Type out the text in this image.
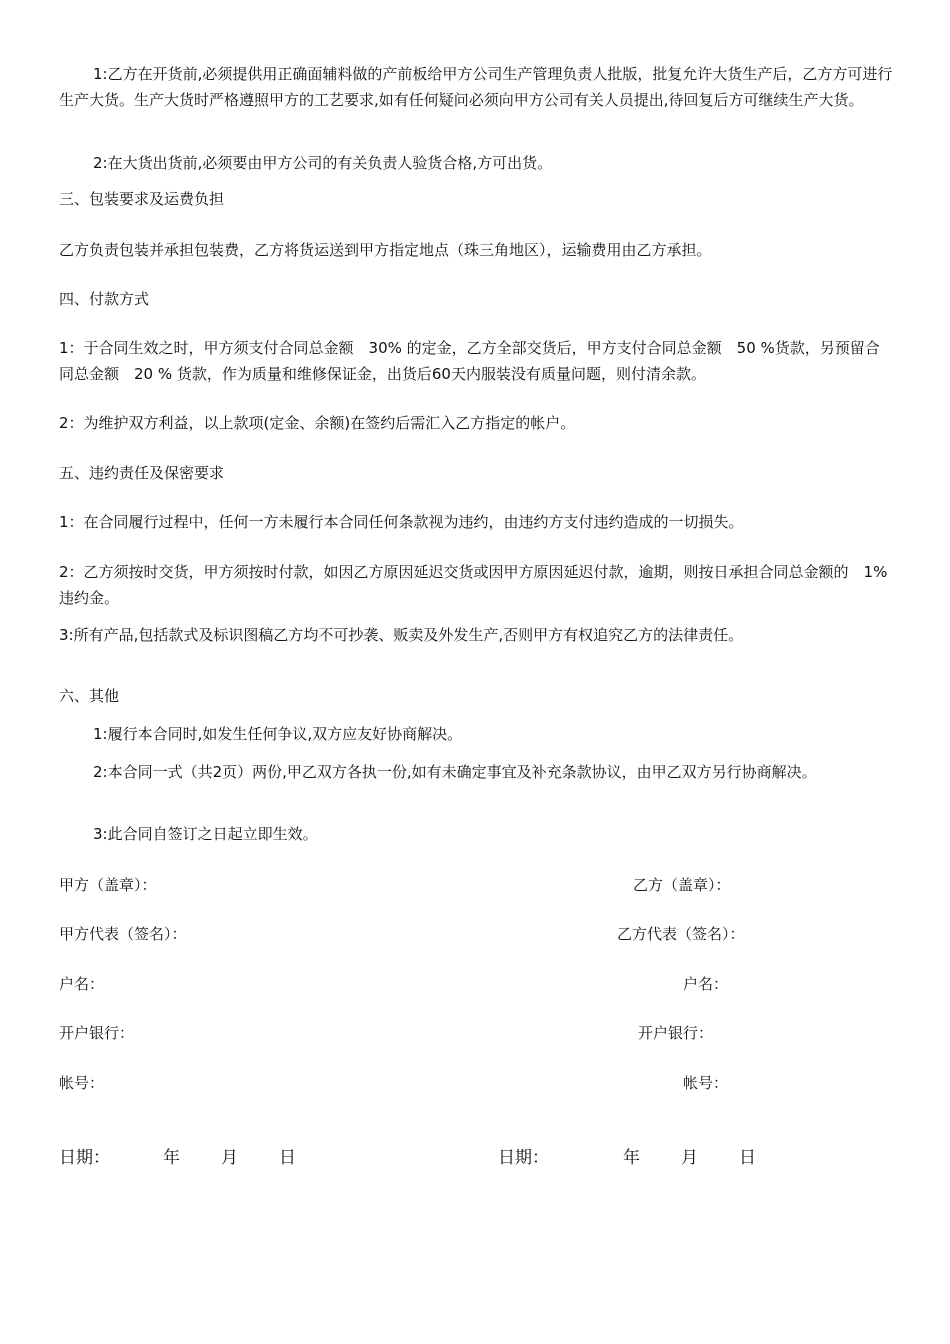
1:乙方在开货前,必须提供用正确面辅料做的产前板给甲方公司生产管理负责人批版，批复允许大货生产后，乙方方可进行生产大货。生产大货时严格遵照甲方的工艺要求,如有任何疑问必须向甲方公司有关人员提出,待回复后方可继续生产大货。

2:在大货出货前,必须要由甲方公司的有关负责人验货合格,方可出货。

三、包装要求及运费负担

乙方负责包装并承担包装费，乙方将货运送到甲方指定地点（珠三角地区），运输费用由乙方承担。

四、付款方式

1：于合同生效之时，甲方须支付合同总金额　30% 的定金，乙方全部交货后，甲方支付合同总金额　50 %货款，另预留合同总金额　20 % 货款，作为质量和维修保证金，出货后60天内服装没有质量问题，则付清余款。

2：为维护双方利益，以上款项(定金、余额)在签约后需汇入乙方指定的帐户。

五、违约责任及保密要求

1：在合同履行过程中，任何一方未履行本合同任何条款视为违约，由违约方支付违约造成的一切损失。

2：乙方须按时交货，甲方须按时付款，如因乙方原因延迟交货或因甲方原因延迟付款，逾期，则按日承担合同总金额的　1%违约金。

3:所有产品,包括款式及标识图稿乙方均不可抄袭、贩卖及外发生产,否则甲方有权追究乙方的法律责任。

六、其他

1:履行本合同时,如发生任何争议,双方应友好协商解决。

2:本合同一式（共2页）两份,甲乙双方各执一份,如有未确定事宜及补充条款协议，由甲乙双方另行协商解决。

3:此合同自签订之日起立即生效。

甲方（盖章）：	乙方（盖章）：

甲方代表（签名）：	乙方代表（签名）：

户名：	户名：

开户银行：	开户银行：

帐号：	帐号：

日期：	年 月 日	日期：	年 月 日
